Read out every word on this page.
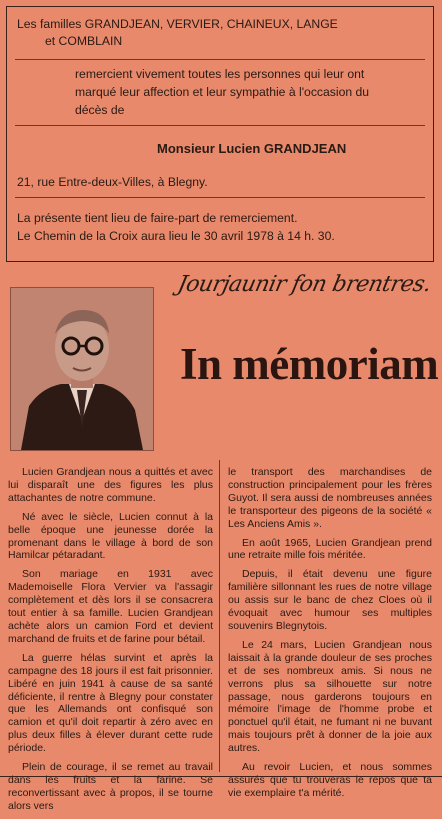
Les familles GRANDJEAN, VERVIER, CHAINEUX, LANGE
et COMBLAIN
remercient vivement toutes les personnes qui leur ont
marqué leur affection et leur sympathie à l'occasion du
décès de
Monsieur Lucien GRANDJEAN
21, rue Entre-deux-Villes, à Blegny.
La présente tient lieu de faire-part de remerciement.
Le Chemin de la Croix aura lieu le 30 avril 1978 à 14 h. 30.
Jourjaunir fon brentres.
In mémoriam

Lucien Grandjean nous a quittés et avec lui disparaît une des figures les plus attachantes de notre commune.

Né avec le siècle, Lucien connut à la belle époque une jeunesse dorée la promenant dans le village à bord de son Hamilcar pétaradant.

Son mariage en 1931 avec Mademoiselle Flora Vervier va l'assagir complètement et dès lors il se consacrera tout entier à sa famille. Lucien Grandjean achète alors un camion Ford et devient marchand de fruits et de farine pour bétail.

La guerre hélas survint et après la campagne des 18 jours il est fait prisonnier. Libéré en juin 1941 à cause de sa santé déficiente, il rentre à Blegny pour constater que les Allemands ont confisqué son camion et qu'il doit repartir à zéro avec en plus deux filles à élever durant cette rude période.

Plein de courage, il se remet au travail dans les fruits et la farine. Se reconvertissant avec à propos, il se tourne alors vers

le transport des marchandises de construction principalement pour les frères Guyot. Il sera aussi de nombreuses années le transporteur des pigeons de la société « Les Anciens Amis ».

En août 1965, Lucien Grandjean prend une retraite mille fois méritée.

Depuis, il était devenu une figure familière sillonnant les rues de notre village ou assis sur le banc de chez Cloes où il évoquait avec humour ses multiples souvenirs Blegnytois.

Le 24 mars, Lucien Grandjean nous laissait à la grande douleur de ses proches et de ses nombreux amis. Si nous ne verrons plus sa silhouette sur notre passage, nous garderons toujours en mémoire l'image de l'homme probe et ponctuel qu'il était, ne fumant ni ne buvant mais toujours prêt à donner de la joie aux autres.

Au revoir Lucien, et nous sommes assurés que tu trouveras le repos que ta vie exemplaire t'a mérité.
